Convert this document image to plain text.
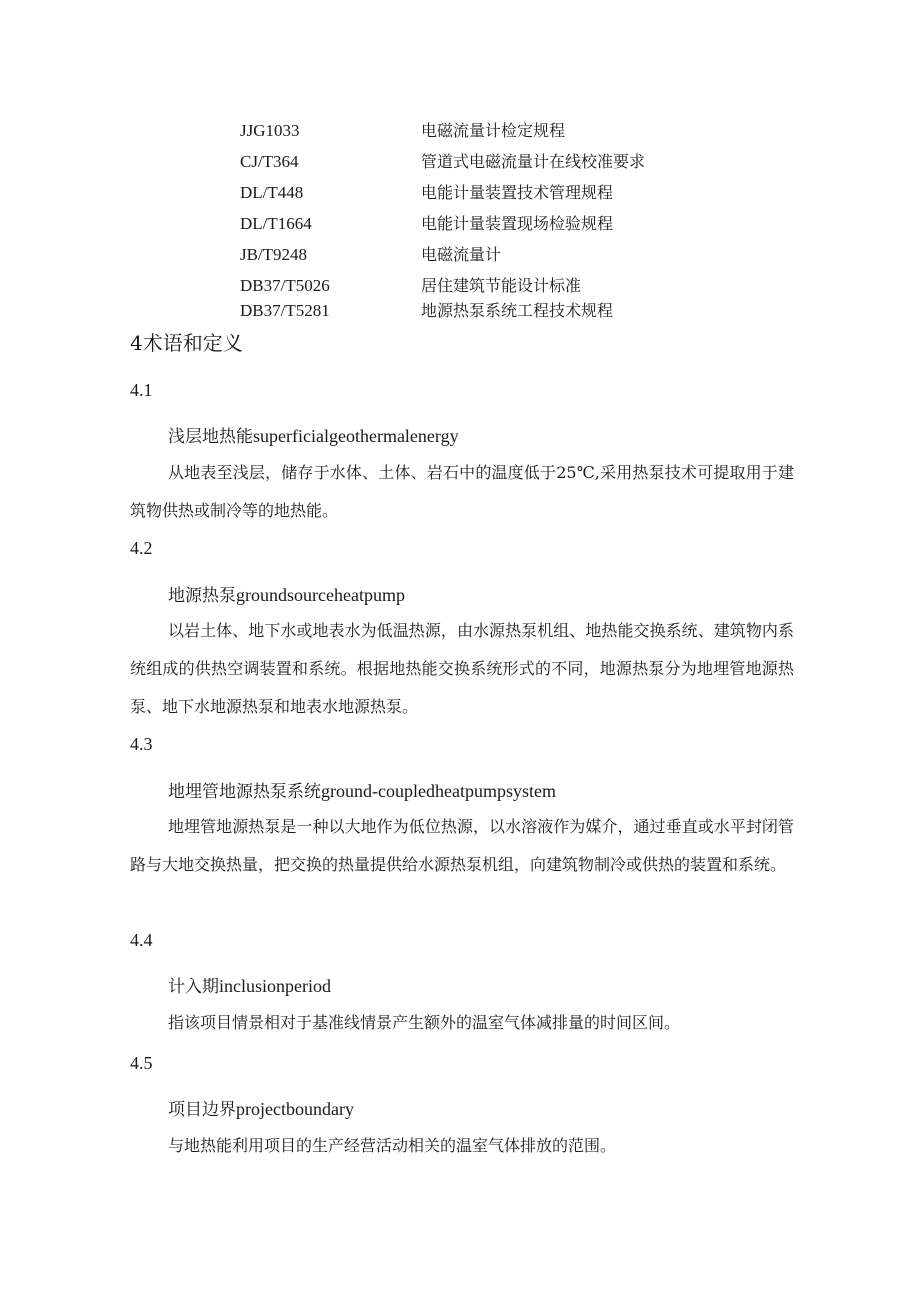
JJG1033	电磁流量计检定规程
CJ/T364	管道式电磁流量计在线校准要求
DL/T448	电能计量装置技术管理规程
DL/T1664	电能计量装置现场检验规程
JB/T9248	电磁流量计
DB37/T5026	居住建筑节能设计标准
DB37/T5281	地源热泵系统工程技术规程
4术语和定义
4.1
浅层地热能superficialgeothermalenergy
从地表至浅层，储存于水体、土体、岩石中的温度低于25℃,采用热泵技术可提取用于建筑物供热或制冷等的地热能。
4.2
地源热泵groundsourceheatpump
以岩土体、地下水或地表水为低温热源，由水源热泵机组、地热能交换系统、建筑物内系统组成的供热空调装置和系统。根据地热能交换系统形式的不同，地源热泵分为地埋管地源热泵、地下水地源热泵和地表水地源热泵。
4.3
地埋管地源热泵系统ground-coupledheatpumpsystem
地埋管地源热泵是一种以大地作为低位热源，以水溶液作为媒介，通过垂直或水平封闭管路与大地交换热量，把交换的热量提供给水源热泵机组，向建筑物制冷或供热的装置和系统。
4.4
计入期inclusionperiod
指该项目情景相对于基准线情景产生额外的温室气体减排量的时间区间。
4.5
项目边界projectboundary
与地热能利用项目的生产经营活动相关的温室气体排放的范围。
